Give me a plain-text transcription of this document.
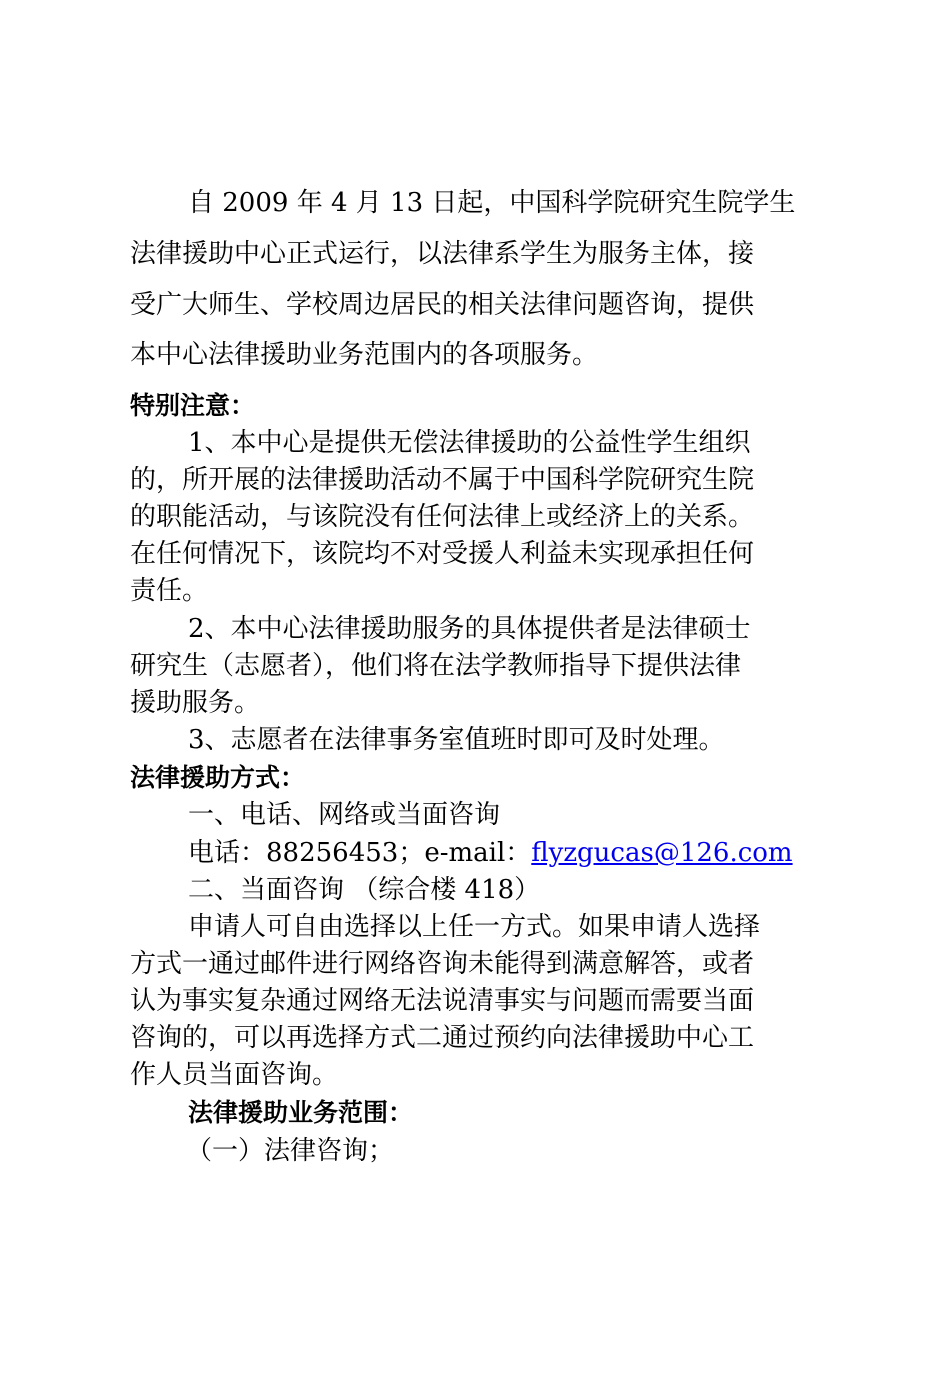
自 2009 年 4 月 13 日起，中国科学院研究生院学生
法律援助中心正式运行，以法律系学生为服务主体，接
受广大师生、学校周边居民的相关法律问题咨询，提供
本中心法律援助业务范围内的各项服务。
特别注意：
1、本中心是提供无偿法律援助的公益性学生组织
的，所开展的法律援助活动不属于中国科学院研究生院
的职能活动，与该院没有任何法律上或经济上的关系。
在任何情况下，该院均不对受援人利益未实现承担任何
责任。
2、本中心法律援助服务的具体提供者是法律硕士
研究生（志愿者），他们将在法学教师指导下提供法律
援助服务。
3、志愿者在法律事务室值班时即可及时处理。
法律援助方式：
一、电话、网络或当面咨询
电话：88256453；e-mail：flyzgucas@126.com
二、当面咨询 （综合楼 418）
申请人可自由选择以上任一方式。如果申请人选择
方式一通过邮件进行网络咨询未能得到满意解答，或者
认为事实复杂通过网络无法说清事实与问题而需要当面
咨询的，可以再选择方式二通过预约向法律援助中心工
作人员当面咨询。
法律援助业务范围：
（一）法律咨询；
